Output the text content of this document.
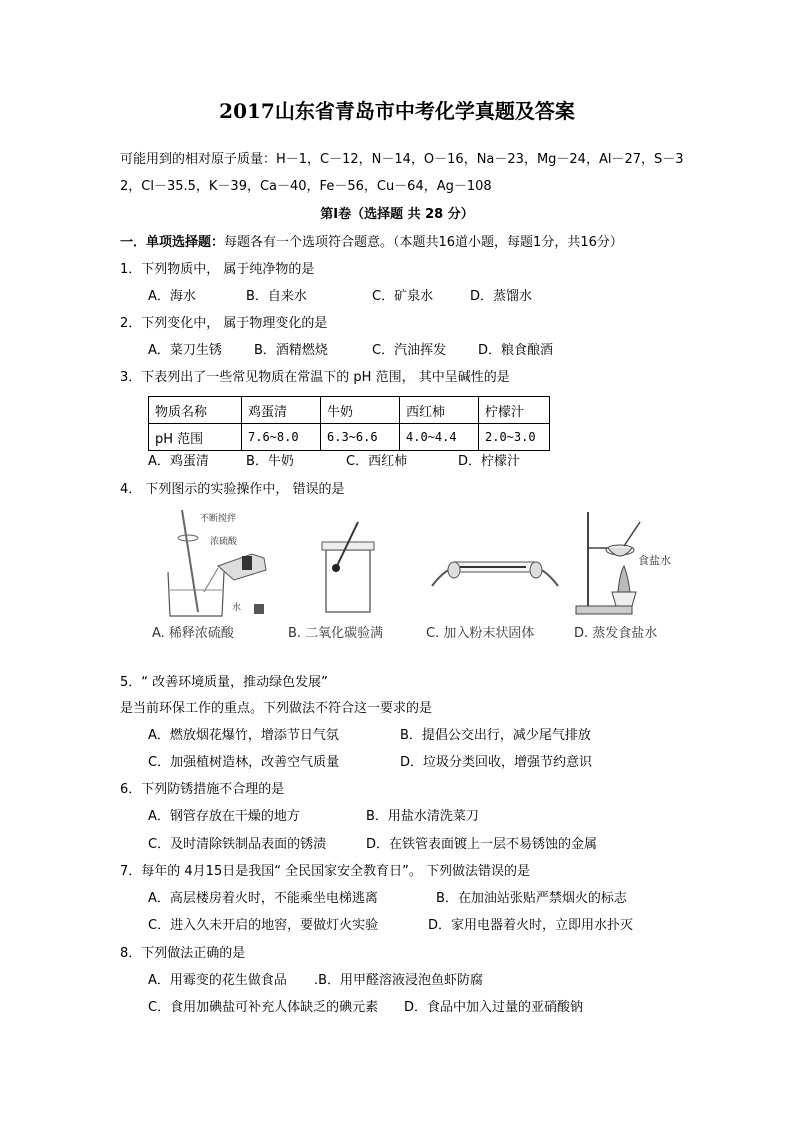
2017山东省青岛市中考化学真题及答案
可能用到的相对原子质量：H－1，C－12，N－14，O－16，Na－23，Mg－24，Al－27，S－3
2，Cl－35.5，K－39，Ca－40，Fe－56，Cu－64，Ag－108
第Ⅰ卷（选择题 共 28 分）
一．单项选择题：每题各有一个选项符合题意。（本题共16道小题，每题1分，共16分）
1．下列物质中， 属于纯净物的是
A．海水	B．自来水	C．矿泉水	D．蒸馏水
2．下列变化中， 属于物理变化的是
A．菜刀生锈 B．酒精燃烧	C．汽油挥发 D．粮食酿酒
3．下表列出了一些常见物质在常温下的 pH 范围， 其中呈碱性的是
物质名称	鸡蛋清	牛奶	西红柿	柠檬汁
pH 范围	7.6~8.0	6.3~6.6	4.0~4.4	2.0~3.0
A．鸡蛋清	B．牛奶	C．西红柿	D．柠檬汁
4． 下列图示的实验操作中， 错误的是
不断搅拌
浓硫酸
水
A. 稀释浓硫酸	B. 二氧化碳验满	C. 加入粉末状固体
食盐水
D. 蒸发食盐水
5．“ 改善环境质量，推动绿色发展”
是当前环保工作的重点。下列做法不符合这一要求的是
A．燃放烟花爆竹，增添节日气氛	B．提倡公交出行，减少尾气排放
C．加强植树造林，改善空气质量	D．垃圾分类回收，增强节约意识
6．下列防锈措施不合理的是
A．钢管存放在干燥的地方	B．用盐水清洗菜刀
C．及时清除铁制品表面的锈渍	D．在铁管表面镀上一层不易锈蚀的金属
7．每年的 4月15日是我国“ 全民国家安全教育日”。 下列做法错误的是
A．高层楼房着火时，不能乘坐电梯逃离	B．在加油站张贴严禁烟火的标志
C．进入久未开启的地窖，要做灯火实验	D．家用电器着火时，立即用水扑灭
8．下列做法正确的是
A．用霉变的花生做食品 .B．用甲醛溶液浸泡鱼虾防腐
C．食用加碘盐可补充人体缺乏的碘元素 D．食品中加入过量的亚硝酸钠
